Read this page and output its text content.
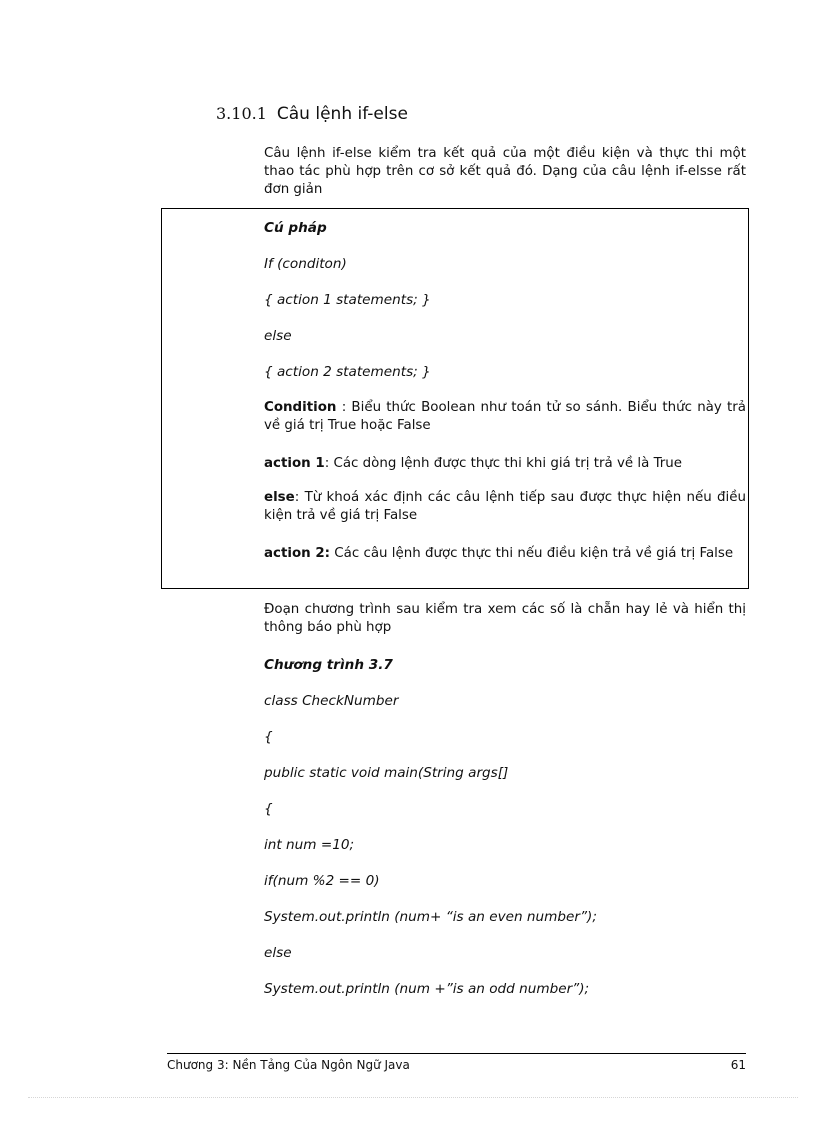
3.10.1 Câu lệnh if-else

Câu lệnh if-else kiểm tra kết quả của một điều kiện và thực thi một thao tác phù hợp trên cơ sở kết quả đó. Dạng của câu lệnh if-elsse rất đơn giản

Cú pháp

If (conditon)

{ action 1 statements; }

else

{ action 2 statements; }

Condition : Biểu thức Boolean như toán tử so sánh. Biểu thức này trả về giá trị True hoặc False

action 1: Các dòng lệnh được thực thi khi giá trị trả về là True

else: Từ khoá xác định các câu lệnh tiếp sau được thực hiện nếu điều kiện trả về giá trị False

action 2: Các câu lệnh được thực thi nếu điều kiện trả về giá trị False

Đoạn chương trình sau kiểm tra xem các số là chẵn hay lẻ và hiển thị thông báo phù hợp

Chương trình 3.7

class CheckNumber

{

public static void main(String args[]

{

int num =10;

if(num %2 == 0)

System.out.println (num+ “is an even number”);

else

System.out.println (num +”is an odd number”);

Chương 3: Nền Tảng Của Ngôn Ngữ Java	61
